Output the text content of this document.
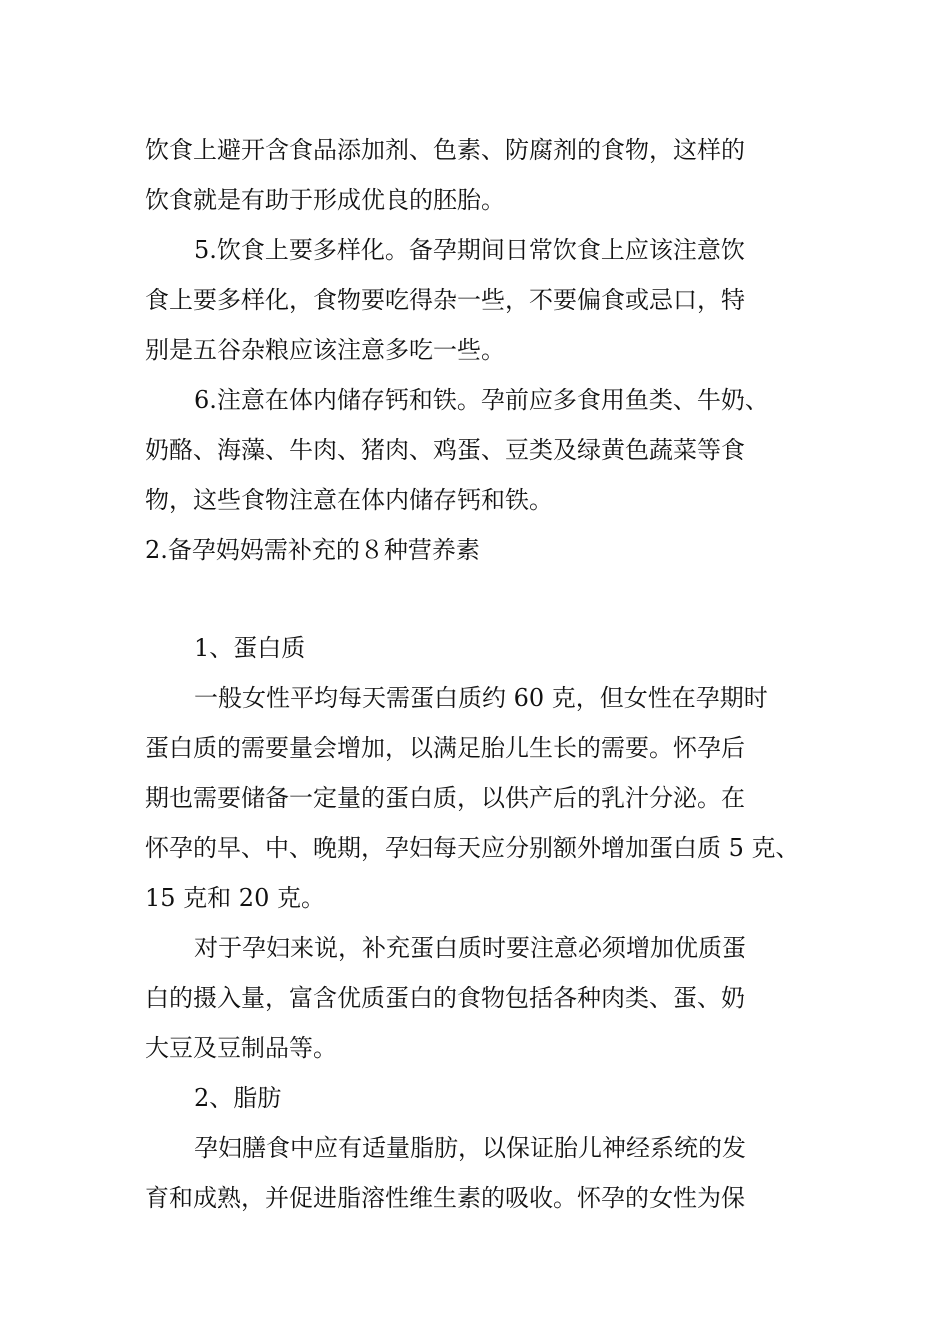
饮食上避开含食品添加剂、色素、防腐剂的食物，这样的
饮食就是有助于形成优良的胚胎。
5.饮食上要多样化。备孕期间日常饮食上应该注意饮
食上要多样化，食物要吃得杂一些，不要偏食或忌口，特
别是五谷杂粮应该注意多吃一些。
6.注意在体内储存钙和铁。孕前应多食用鱼类、牛奶、
奶酪、海藻、牛肉、猪肉、鸡蛋、豆类及绿黄色蔬菜等食
物，这些食物注意在体内储存钙和铁。
2.备孕妈妈需补充的８种营养素
1、蛋白质
一般女性平均每天需蛋白质约 60 克，但女性在孕期时
蛋白质的需要量会增加，以满足胎儿生长的需要。怀孕后
期也需要储备一定量的蛋白质，以供产后的乳汁分泌。在
怀孕的早、中、晚期，孕妇每天应分别额外增加蛋白质 5 克、
15 克和 20 克。
对于孕妇来说，补充蛋白质时要注意必须增加优质蛋
白的摄入量，富含优质蛋白的食物包括各种肉类、蛋、奶
大豆及豆制品等。
2、脂肪
孕妇膳食中应有适量脂肪，以保证胎儿神经系统的发
育和成熟，并促进脂溶性维生素的吸收。怀孕的女性为保
